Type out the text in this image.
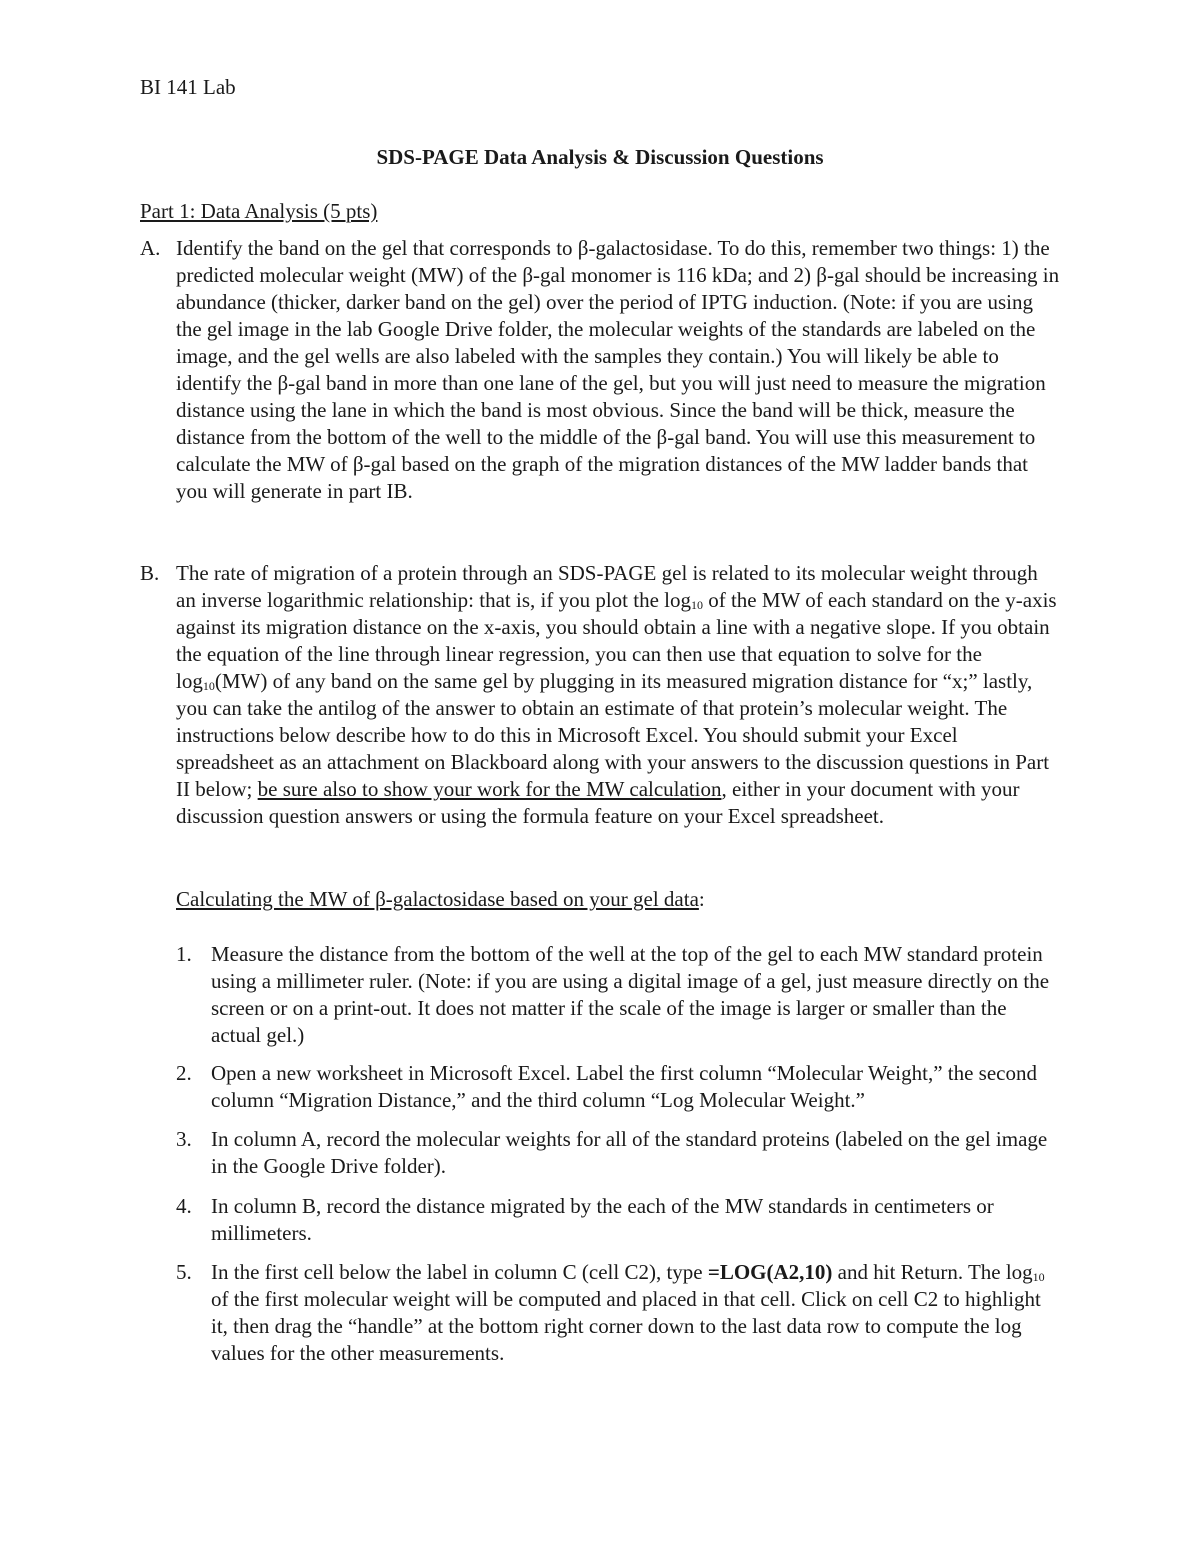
BI 141 Lab
SDS-PAGE Data Analysis & Discussion Questions
Part 1: Data Analysis (5 pts)
A. Identify the band on the gel that corresponds to β-galactosidase. To do this, remember two things: 1) the predicted molecular weight (MW) of the β-gal monomer is 116 kDa; and 2) β-gal should be increasing in abundance (thicker, darker band on the gel) over the period of IPTG induction. (Note: if you are using the gel image in the lab Google Drive folder, the molecular weights of the standards are labeled on the image, and the gel wells are also labeled with the samples they contain.) You will likely be able to identify the β-gal band in more than one lane of the gel, but you will just need to measure the migration distance using the lane in which the band is most obvious. Since the band will be thick, measure the distance from the bottom of the well to the middle of the β-gal band. You will use this measurement to calculate the MW of β-gal based on the graph of the migration distances of the MW ladder bands that you will generate in part IB.
B. The rate of migration of a protein through an SDS-PAGE gel is related to its molecular weight through an inverse logarithmic relationship: that is, if you plot the $\log_{10}$ of the MW of each standard on the y-axis against its migration distance on the x-axis, you should obtain a line with a negative slope. If you obtain the equation of the line through linear regression, you can then use that equation to solve for the $\log_{10}(MW)$ of any band on the same gel by plugging in its measured migration distance for “x;” lastly, you can take the antilog of the answer to obtain an estimate of that protein’s molecular weight. The instructions below describe how to do this in Microsoft Excel. You should submit your Excel spreadsheet as an attachment on Blackboard along with your answers to the discussion questions in Part II below; be sure also to show your work for the MW calculation, either in your document with your discussion question answers or using the formula feature on your Excel spreadsheet.
Calculating the MW of β-galactosidase based on your gel data:
1. Measure the distance from the bottom of the well at the top of the gel to each MW standard protein using a millimeter ruler. (Note: if you are using a digital image of a gel, just measure directly on the screen or on a print-out. It does not matter if the scale of the image is larger or smaller than the actual gel.)
2. Open a new worksheet in Microsoft Excel. Label the first column “Molecular Weight,” the second column “Migration Distance,” and the third column “Log Molecular Weight.”
3. In column A, record the molecular weights for all of the standard proteins (labeled on the gel image in the Google Drive folder).
4. In column B, record the distance migrated by the each of the MW standards in centimeters or millimeters.
5. In the first cell below the label in column C (cell C2), type =LOG(A2,10) and hit Return. The $\log_{10}$ of the first molecular weight will be computed and placed in that cell. Click on cell C2 to highlight it, then drag the “handle” at the bottom right corner down to the last data row to compute the log values for the other measurements.
